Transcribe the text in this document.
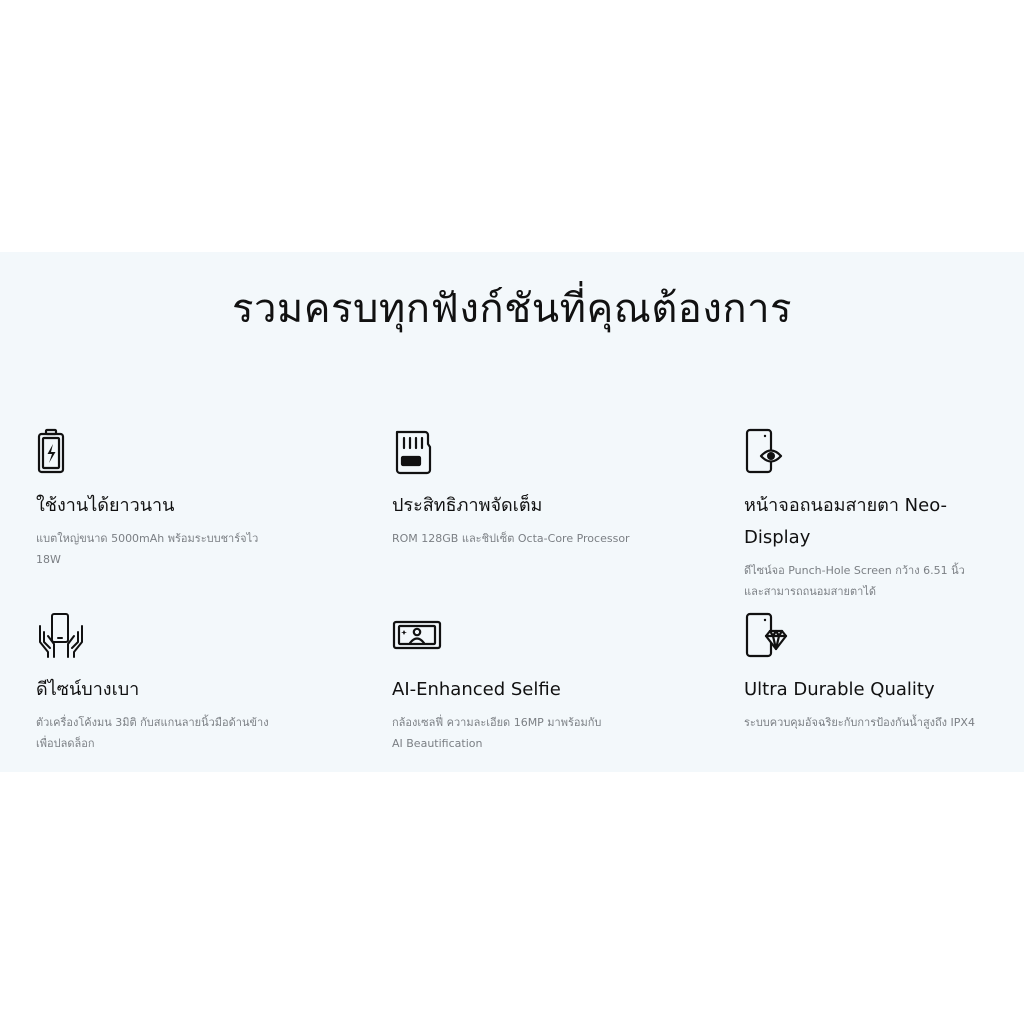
รวมครบทุกฟังก์ชันที่คุณต้องการ
ใช้งานได้ยาวนาน
แบตใหญ่ขนาด 5000mAh พร้อมระบบชาร์จไว 18W
ประสิทธิภาพจัดเต็ม
ROM 128GB และชิปเซ็ต Octa-Core Processor
หน้าจอถนอมสายตา Neo-Display
ดีไซน์จอ Punch-Hole Screen กว้าง 6.51 นิ้ว และสามารถถนอมสายตาได้
ดีไซน์บางเบา
ตัวเครื่องโค้งมน 3มิติ กับสแกนลายนิ้วมือด้านข้างเพื่อปลดล็อก
AI-Enhanced Selfie
กล้องเซลฟี่ ความละเอียด 16MP มาพร้อมกับ AI Beautification
Ultra Durable Quality
ระบบควบคุมอัจฉริยะกับการป้องกันน้ำสูงถึง IPX4
